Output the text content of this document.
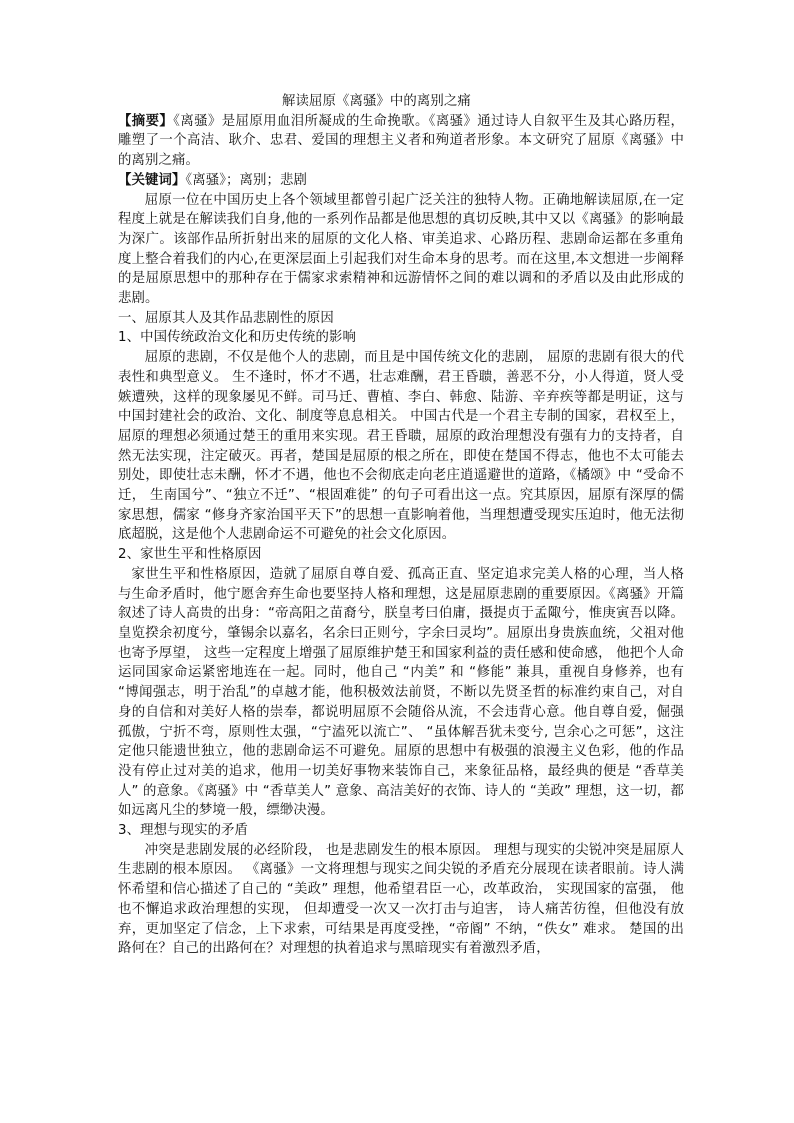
解读屈原《离骚》中的离别之痛

【摘要】《离骚》是屈原用血泪所凝成的生命挽歌。《离骚》通过诗人自叙平生及其心路历程，雕塑了一个高洁、耿介、忠君、爱国的理想主义者和殉道者形象。本文研究了屈原《离骚》中的离别之痛。

【关键词】《离骚》；离别；悲剧

屈原一位在中国历史上各个领域里都曾引起广泛关注的独特人物。正确地解读屈原,在一定程度上就是在解读我们自身,他的一系列作品都是他思想的真切反映,其中又以《离骚》的影响最为深广。该部作品所折射出来的屈原的文化人格、审美追求、心路历程、悲剧命运都在多重角度上整合着我们的内心,在更深层面上引起我们对生命本身的思考。而在这里,本文想进一步阐释的是屈原思想中的那种存在于儒家求索精神和远游情怀之间的难以调和的矛盾以及由此形成的悲剧。

一、屈原其人及其作品悲剧性的原因

1、中国传统政治文化和历史传统的影响

屈原的悲剧，不仅是他个人的悲剧，而且是中国传统文化的悲剧， 屈原的悲剧有很大的代表性和典型意义。 生不逢时，怀才不遇，壮志难酬，君王昏聩，善恶不分，小人得道，贤人受嫉遭殃，这样的现象屡见不鲜。司马迁、曹植、李白、韩愈、陆游、辛弃疾等都是明证，这与中国封建社会的政治、文化、制度等息息相关。 中国古代是一个君主专制的国家，君权至上，屈原的理想必须通过楚王的重用来实现。君王昏聩，屈原的政治理想没有强有力的支持者，自然无法实现，注定破灭。再者，楚国是屈原的根之所在，即使在楚国不得志，他也不太可能去别处，即使壮志未酬，怀才不遇，他也不会彻底走向老庄逍遥避世的道路，《橘颂》中 “受命不迁， 生南国兮”、“独立不迁”、“根固难徙” 的句子可看出这一点。究其原因，屈原有深厚的儒家思想，儒家 “修身齐家治国平天下”的思想一直影响着他，当理想遭受现实压迫时，他无法彻底超脱，这是他个人悲剧命运不可避免的社会文化原因。

2、家世生平和性格原因

家世生平和性格原因，造就了屈原自尊自爱、孤高正直、坚定追求完美人格的心理，当人格与生命矛盾时，他宁愿舍弃生命也要坚持人格和理想，这是屈原悲剧的重要原因。《离骚》开篇叙述了诗人高贵的出身：“帝高阳之苗裔兮，朕皇考曰伯庸，摄提贞于孟陬兮，惟庚寅吾以降。 皇览揆余初度兮，肇锡余以嘉名，名余曰正则兮，字余曰灵均”。屈原出身贵族血统，父祖对他也寄予厚望， 这些一定程度上增强了屈原维护楚王和国家利益的责任感和使命感， 他把个人命运同国家命运紧密地连在一起。同时，他自己 “内美” 和 “修能” 兼具，重视自身修养，也有 “博闻强志，明于治乱”的卓越才能，他积极效法前贤，不断以先贤圣哲的标准约束自己，对自身的自信和对美好人格的崇奉，都说明屈原不会随俗从流，不会违背心意。他自尊自爱，倔强孤傲，宁折不弯，原则性太强，“宁溘死以流亡”、 “虽体解吾犹未变兮, 岂余心之可惩”，这注定他只能遗世独立，他的悲剧命运不可避免。屈原的思想中有极强的浪漫主义色彩，他的作品没有停止过对美的追求，他用一切美好事物来装饰自己，来象征品格，最经典的便是 “香草美人” 的意象。《离骚》中 “香草美人” 意象、高洁美好的衣饰、诗人的 “美政” 理想，这一切，都如远离凡尘的梦境一般，缥缈决漫。

3、理想与现实的矛盾

冲突是悲剧发展的必经阶段， 也是悲剧发生的根本原因。 理想与现实的尖锐冲突是屈原人生悲剧的根本原因。 《离骚》一文将理想与现实之间尖锐的矛盾充分展现在读者眼前。诗人满怀希望和信心描述了自己的 “美政” 理想，他希望君臣一心，改革政治， 实现国家的富强， 他也不懈追求政治理想的实现， 但却遭受一次又一次打击与迫害， 诗人痛苦彷徨，但他没有放弃，更加坚定了信念，上下求索，可结果是再度受挫，“帝阍” 不纳，“佚女” 难求。 楚国的出路何在？自己的出路何在？对理想的执着追求与黑暗现实有着激烈矛盾，
